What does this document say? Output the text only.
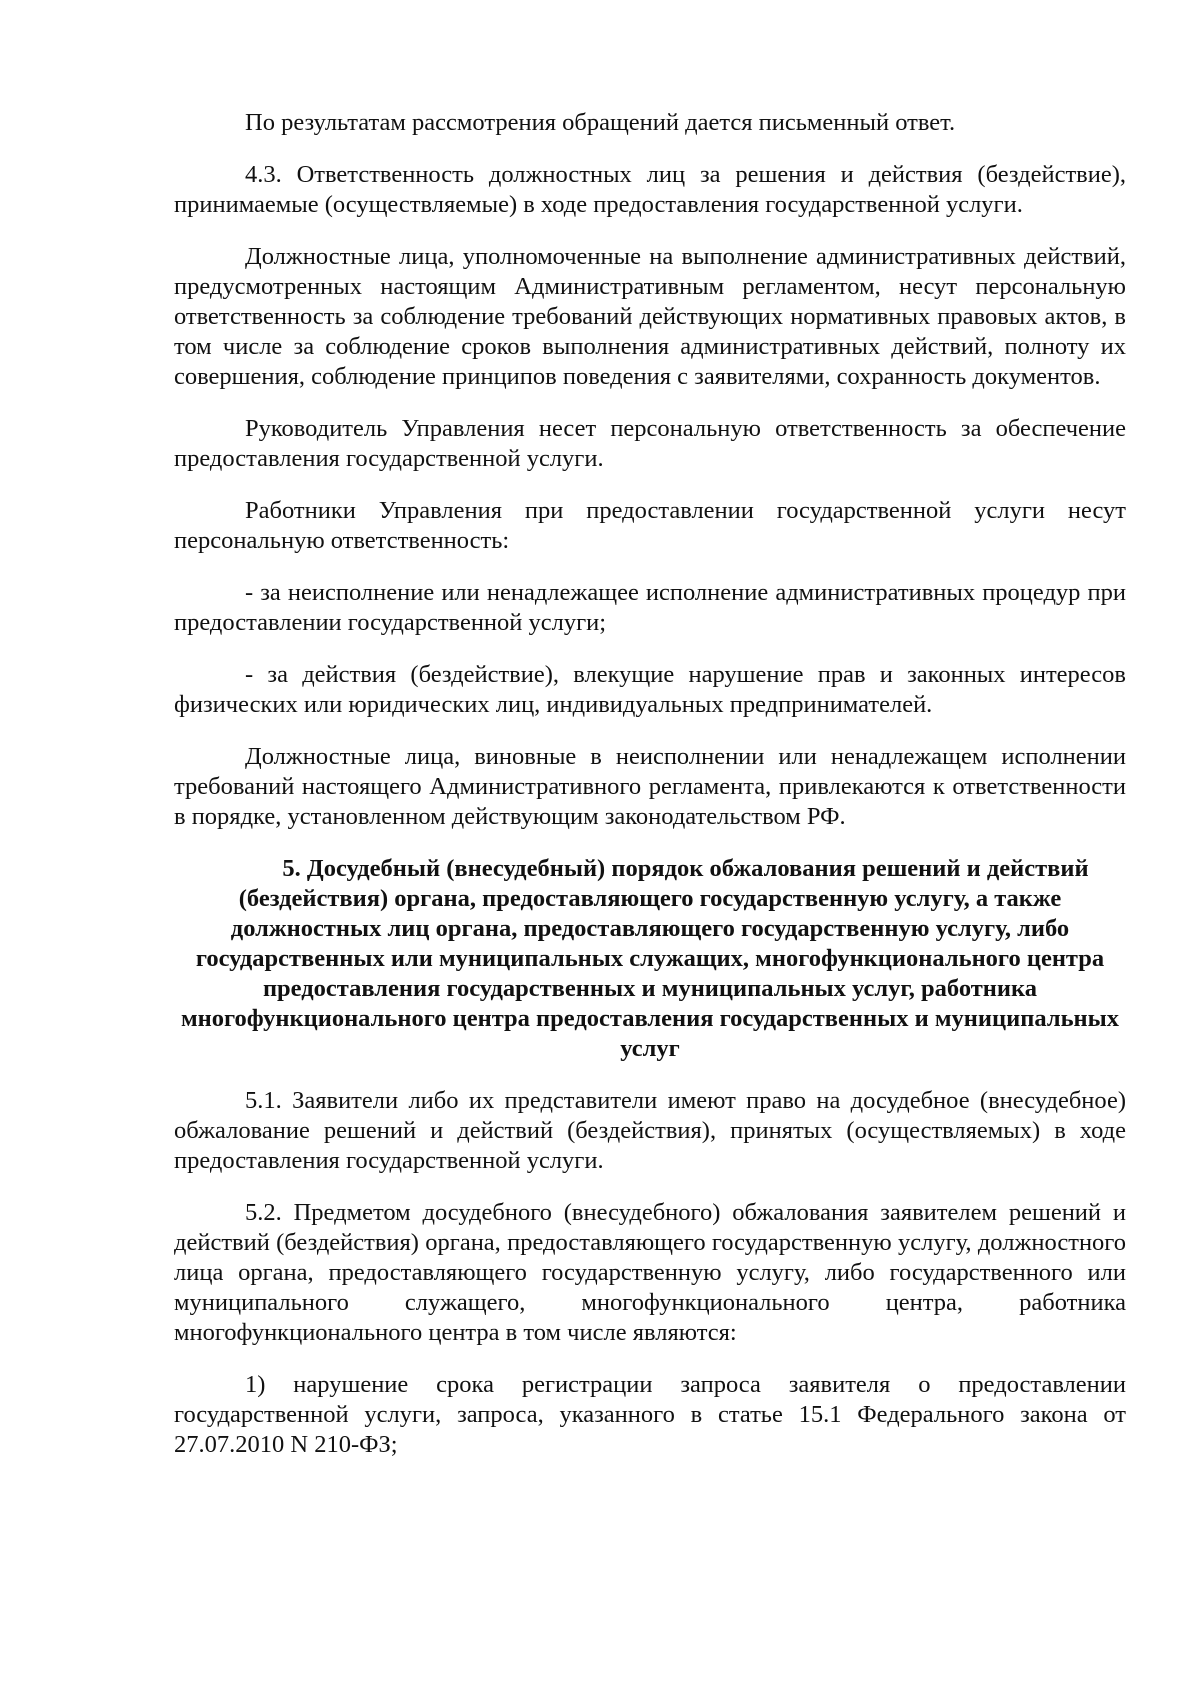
По результатам рассмотрения обращений дается письменный ответ.

4.3. Ответственность должностных лиц за решения и действия (бездействие), принимаемые (осуществляемые) в ходе предоставления государственной услуги.

Должностные лица, уполномоченные на выполнение административных действий, предусмотренных настоящим Административным регламентом, несут персональную ответственность за соблюдение требований действующих нормативных правовых актов, в том числе за соблюдение сроков выполнения административных действий, полноту их совершения, соблюдение принципов поведения с заявителями, сохранность документов.

Руководитель Управления несет персональную ответственность за обеспечение предоставления государственной услуги.

Работники Управления при предоставлении государственной услуги несут персональную ответственность:

- за неисполнение или ненадлежащее исполнение административных процедур при предоставлении государственной услуги;

- за действия (бездействие), влекущие нарушение прав и законных интересов физических или юридических лиц, индивидуальных предпринимателей.

Должностные лица, виновные в неисполнении или ненадлежащем исполнении требований настоящего Административного регламента, привлекаются к ответственности в порядке, установленном действующим законодательством РФ.

5. Досудебный (внесудебный) порядок обжалования решений и действий (бездействия) органа, предоставляющего государственную услугу, а также должностных лиц органа, предоставляющего государственную услугу, либо государственных или муниципальных служащих, многофункционального центра предоставления государственных и муниципальных услуг, работника многофункционального центра предоставления государственных и муниципальных услуг

5.1. Заявители либо их представители имеют право на досудебное (внесудебное) обжалование решений и действий (бездействия), принятых (осуществляемых) в ходе предоставления государственной услуги.

5.2. Предметом досудебного (внесудебного) обжалования заявителем решений и действий (бездействия) органа, предоставляющего государственную услугу, должностного лица органа, предоставляющего государственную услугу, либо государственного или муниципального служащего, многофункционального центра, работника многофункционального центра в том числе являются:

1) нарушение срока регистрации запроса заявителя о предоставлении государственной услуги, запроса, указанного в статье 15.1 Федерального закона от 27.07.2010 N 210-ФЗ;
